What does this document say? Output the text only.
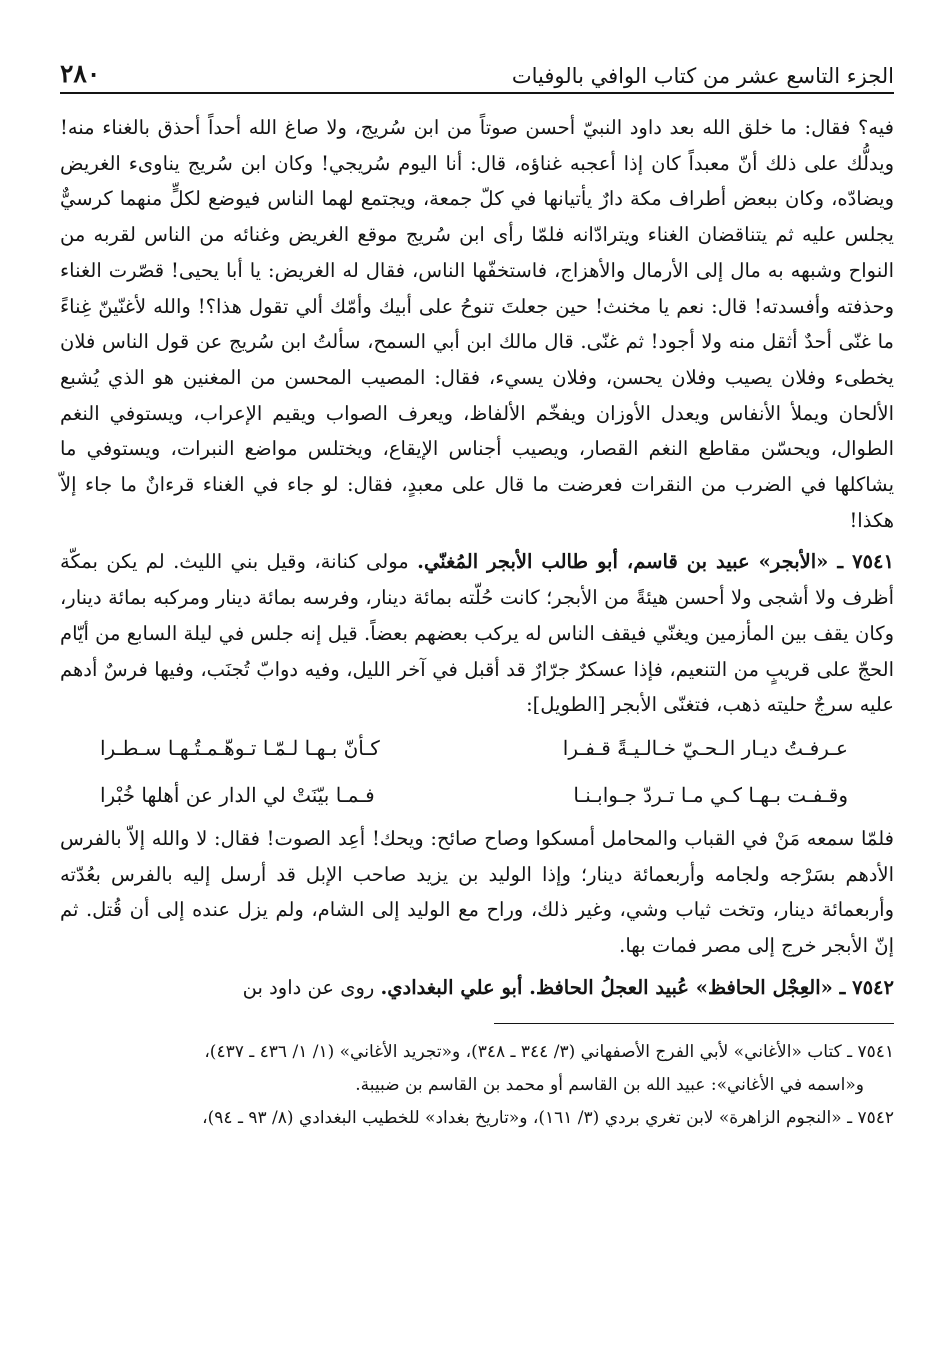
الجزء التاسع عشر من كتاب الوافي بالوفيات
٢٨٠

فيه؟ فقال: ما خلق الله بعد داود النبيّ أحسن صوتاً من ابن سُريج، ولا صاغ الله أحداً أحذق بالغناء منه! ويدلُّك على ذلك أنّ معبداً كان إذا أعجبه غناؤه، قال: أنا اليوم سُريجي! وكان ابن سُريج يناوىء الغريض ويضادّه، وكان ببعض أطراف مكة دارٌ يأتيانها في كلّ جمعة، ويجتمع لهما الناس فيوضع لكلٍّ منهما كرسيٌّ يجلس عليه ثم يتناقضان الغناء ويترادّانه فلمّا رأى ابن سُريج موقع الغريض وغنائه من الناس لقربه من النواح وشبهه به مال إلى الأرمال والأهزاج، فاستخفّها الناس، فقال له الغريض: يا أبا يحيى! قصّرت الغناء وحذفته وأفسدته! قال: نعم يا مخنث! حين جعلتَ تنوحُ على أبيك وأمّك ألي تقول هذا؟! والله لأغنّينّ غِناءً ما غنّى أحدٌ أثقل منه ولا أجود! ثم غنّى. قال مالك ابن أبي السمح، سألتُ ابن سُريج عن قول الناس فلان يخطىء وفلان يصيب وفلان يحسن، وفلان يسيء، فقال: المصيب المحسن من المغنين هو الذي يُشبع الألحان ويملأ الأنفاس ويعدل الأوزان ويفخّم الألفاظ، ويعرف الصواب ويقيم الإعراب، ويستوفي النغم الطوال، ويحسّن مقاطع النغم القصار، ويصيب أجناس الإيقاع، ويختلس مواضع النبرات، ويستوفي ما يشاكلها في الضرب من النقرات فعرضت ما قال على معبدٍ، فقال: لو جاء في الغناء قرءانٌ ما جاء إلاّ هكذا!

٧٥٤١ ـ «الأبجر» عبيد بن قاسم، أبو طالب الأبجر المُغنّي. مولى كنانة، وقيل بني الليث. لم يكن بمكّة أظرف ولا أشجى ولا أحسن هيئةً من الأبجر؛ كانت حُلّته بمائة دينار، وفرسه بمائة دينار ومركبه بمائة دينار، وكان يقف بين المأزمين ويغنّي فيقف الناس له يركب بعضهم بعضاً. قيل إنه جلس في ليلة السابع من أيّام الحجّ على قريبٍ من التنعيم، فإذا عسكرٌ جرّارٌ قد أقبل في آخر الليل، وفيه دوابّ تُجنَب، وفيها فرسٌ أدهم عليه سرجٌ حليته ذهب، فتغنّى الأبجر [الطويل]:

عـرفـتُ ديـار الـحـيّ خـالـيـةً قـفـرا
كـأنّ بـهـا لـمّـا تـوهّـمـتُـهـا سـطـرا
وقـفـت بـهـا كـي مـا تـردّ جـوابـنـا
فـمـا بيّنَتْ لي الدار عن أهلها خُبْرا

فلمّا سمعه مَنْ في القباب والمحامل أمسكوا وصاح صائح: ويحك! أعِد الصوت! فقال: لا والله إلاّ بالفرس الأدهم بسَرْجه ولجامه وأربعمائة دينار؛ وإذا الوليد بن يزيد صاحب الإبل قد أرسل إليه بالفرس بعُدّته وأربعمائة دينار، وتخت ثياب وشي، وغير ذلك، وراح مع الوليد إلى الشام، ولم يزل عنده إلى أن قُتل. ثم إنّ الأبجر خرج إلى مصر فمات بها.

٧٥٤٢ ـ «العِجْل الحافظ» عُبيد العجلُ الحافظ. أبو علي البغدادي. روى عن داود بن

٧٥٤١ ـ كتاب «الأغاني» لأبي الفرج الأصفهاني (٣/ ٣٤٤ ـ ٣٤٨)، و«تجريد الأغاني» (١/ ١/ ٤٣٦ ـ ٤٣٧)،

و«اسمه في الأغاني»: عبيد الله بن القاسم أو محمد بن القاسم بن ضبيبة.

٧٥٤٢ ـ «النجوم الزاهرة» لابن تغري بردي (٣/ ١٦١)، و«تاريخ بغداد» للخطيب البغدادي (٨/ ٩٣ ـ ٩٤)،
